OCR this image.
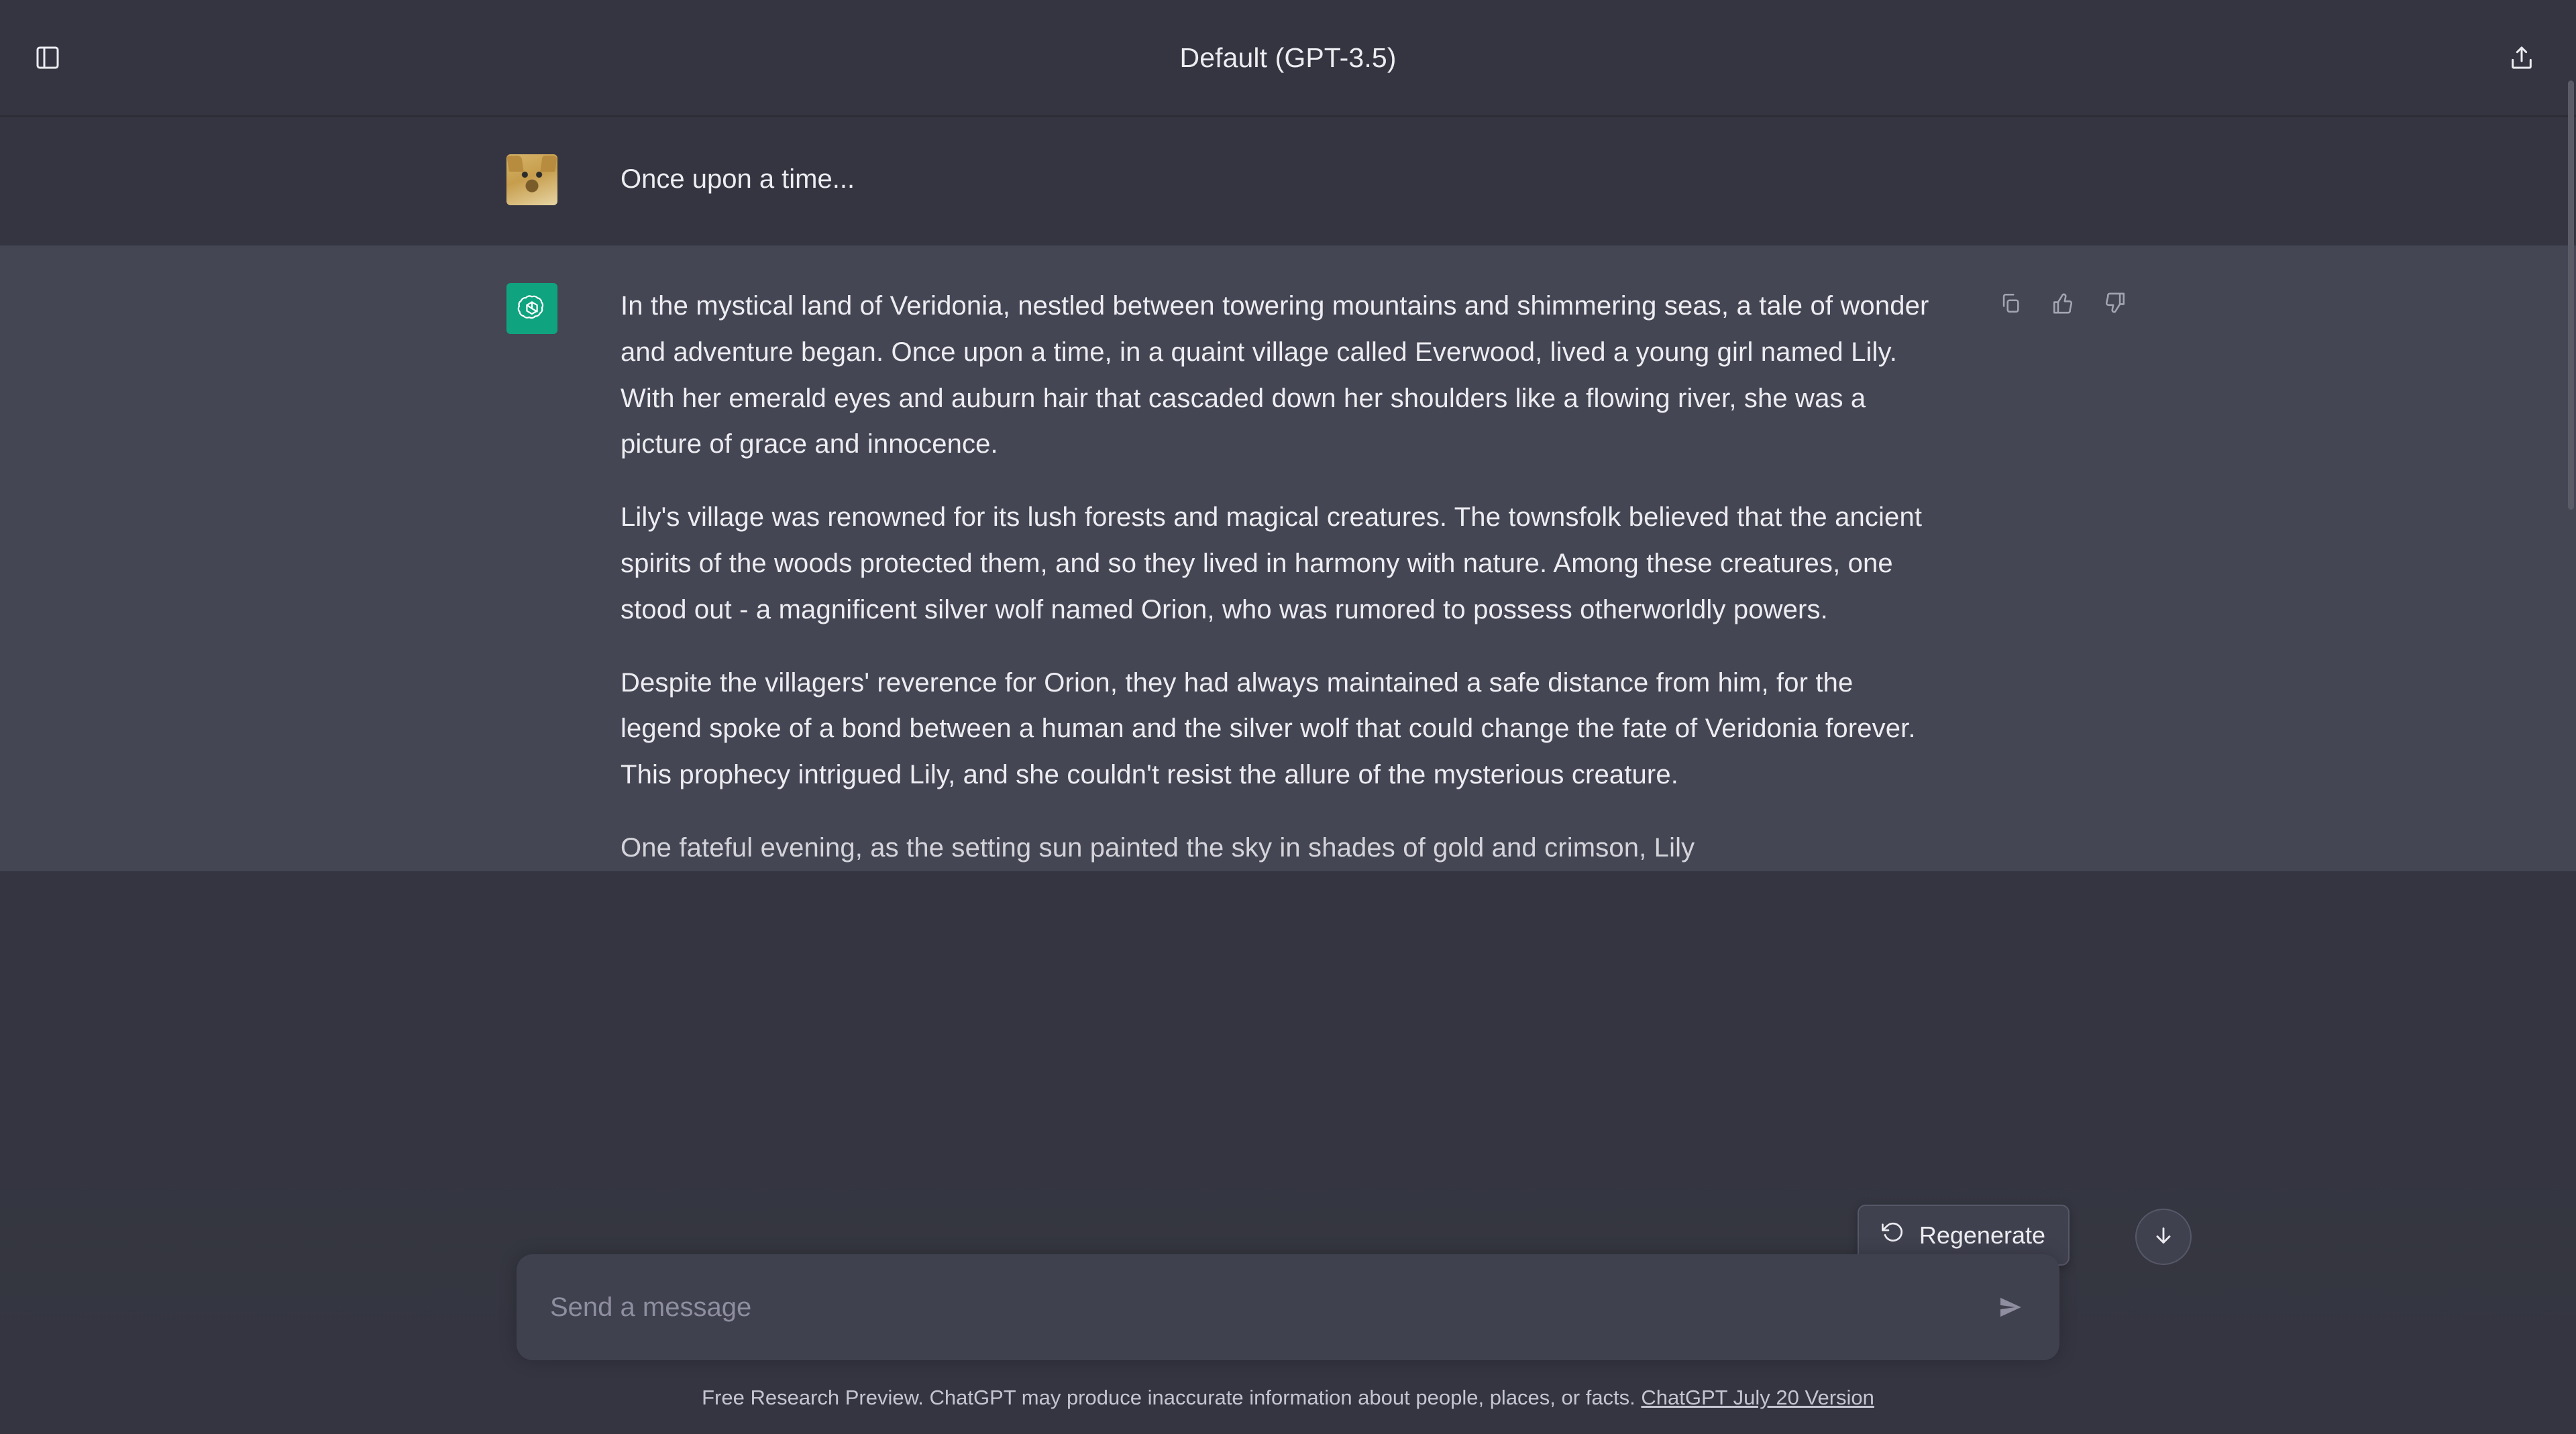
Default (GPT-3.5)
Once upon a time...

In the mystical land of Veridonia, nestled between towering mountains and shimmering seas, a tale of wonder and adventure began. Once upon a time, in a quaint village called Everwood, lived a young girl named Lily. With her emerald eyes and auburn hair that cascaded down her shoulders like a flowing river, she was a picture of grace and innocence.

Lily's village was renowned for its lush forests and magical creatures. The townsfolk believed that the ancient spirits of the woods protected them, and so they lived in harmony with nature. Among these creatures, one stood out - a magnificent silver wolf named Orion, who was rumored to possess otherworldly powers.

Despite the villagers' reverence for Orion, they had always maintained a safe distance from him, for the legend spoke of a bond between a human and the silver wolf that could change the fate of Veridonia forever. This prophecy intrigued Lily, and she couldn't resist the allure of the mysterious creature.

One fateful evening, as the setting sun painted the sky in shades of gold and crimson, Lily

Regenerate
Send a message
Free Research Preview. ChatGPT may produce inaccurate information about people, places, or facts. ChatGPT July 20 Version
